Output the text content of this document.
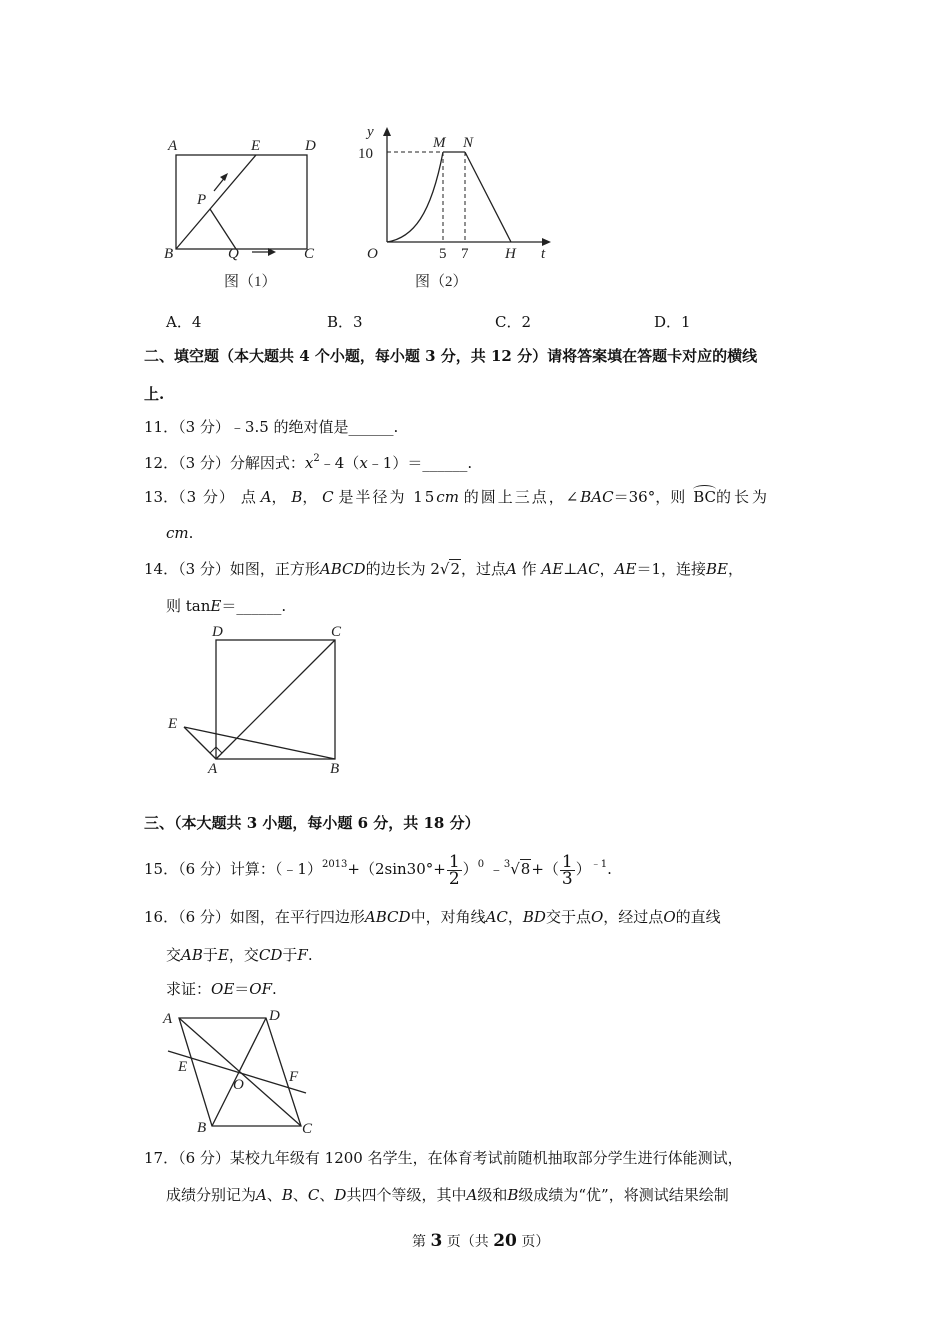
A	E	D
P
B	Q	C
图（1）
y
M N
10
O	5 7 H t
图（2）
A．4	B．3	C．2	D．1
二、填空题（本大题共 4 个小题，每小题 3 分，共 12 分）请将答案填在答题卡对应的横线
上.
11．（3 分）﹣3.5 的绝对值是______.
12．（3 分）分解因式：$x^2﹣4(x﹣1)=\_\_\_\_\_\_$.
13．（3 分） 点 A， B， C 是半径为 15cm 的圆上三点，∠BAC＝36°，则 BC的长为
cm.
14．（3 分）如图，正方形ABCD的边长为 2√2，过点A 作 AE⊥AC，AE＝1，连接BE，
则 tanE＝______.
D	C
E
A	B
三、（本大题共 3 小题，每小题 6 分，共 18 分）
15．（6 分）计算：（﹣1）$^{2013}$+（2sin30°+ $\frac{1}{2} )^0$ ﹣$^3$√8+（ $\frac{1}{3} )^{﹣1}$.
16．（6 分）如图，在平行四边形ABCD中，对角线AC，BD交于点O，经过点O的直线
交AB于E，交CD于F.
求证：OE＝OF.
A	D
E
O	F
B	C
17．（6 分）某校九年级有 1200 名学生，在体育考试前随机抽取部分学生进行体能测试，
成绩分别记为A、B、C、D共四个等级，其中A级和B级成绩为“优”，将测试结果绘制
第 3 页（共 20 页）
